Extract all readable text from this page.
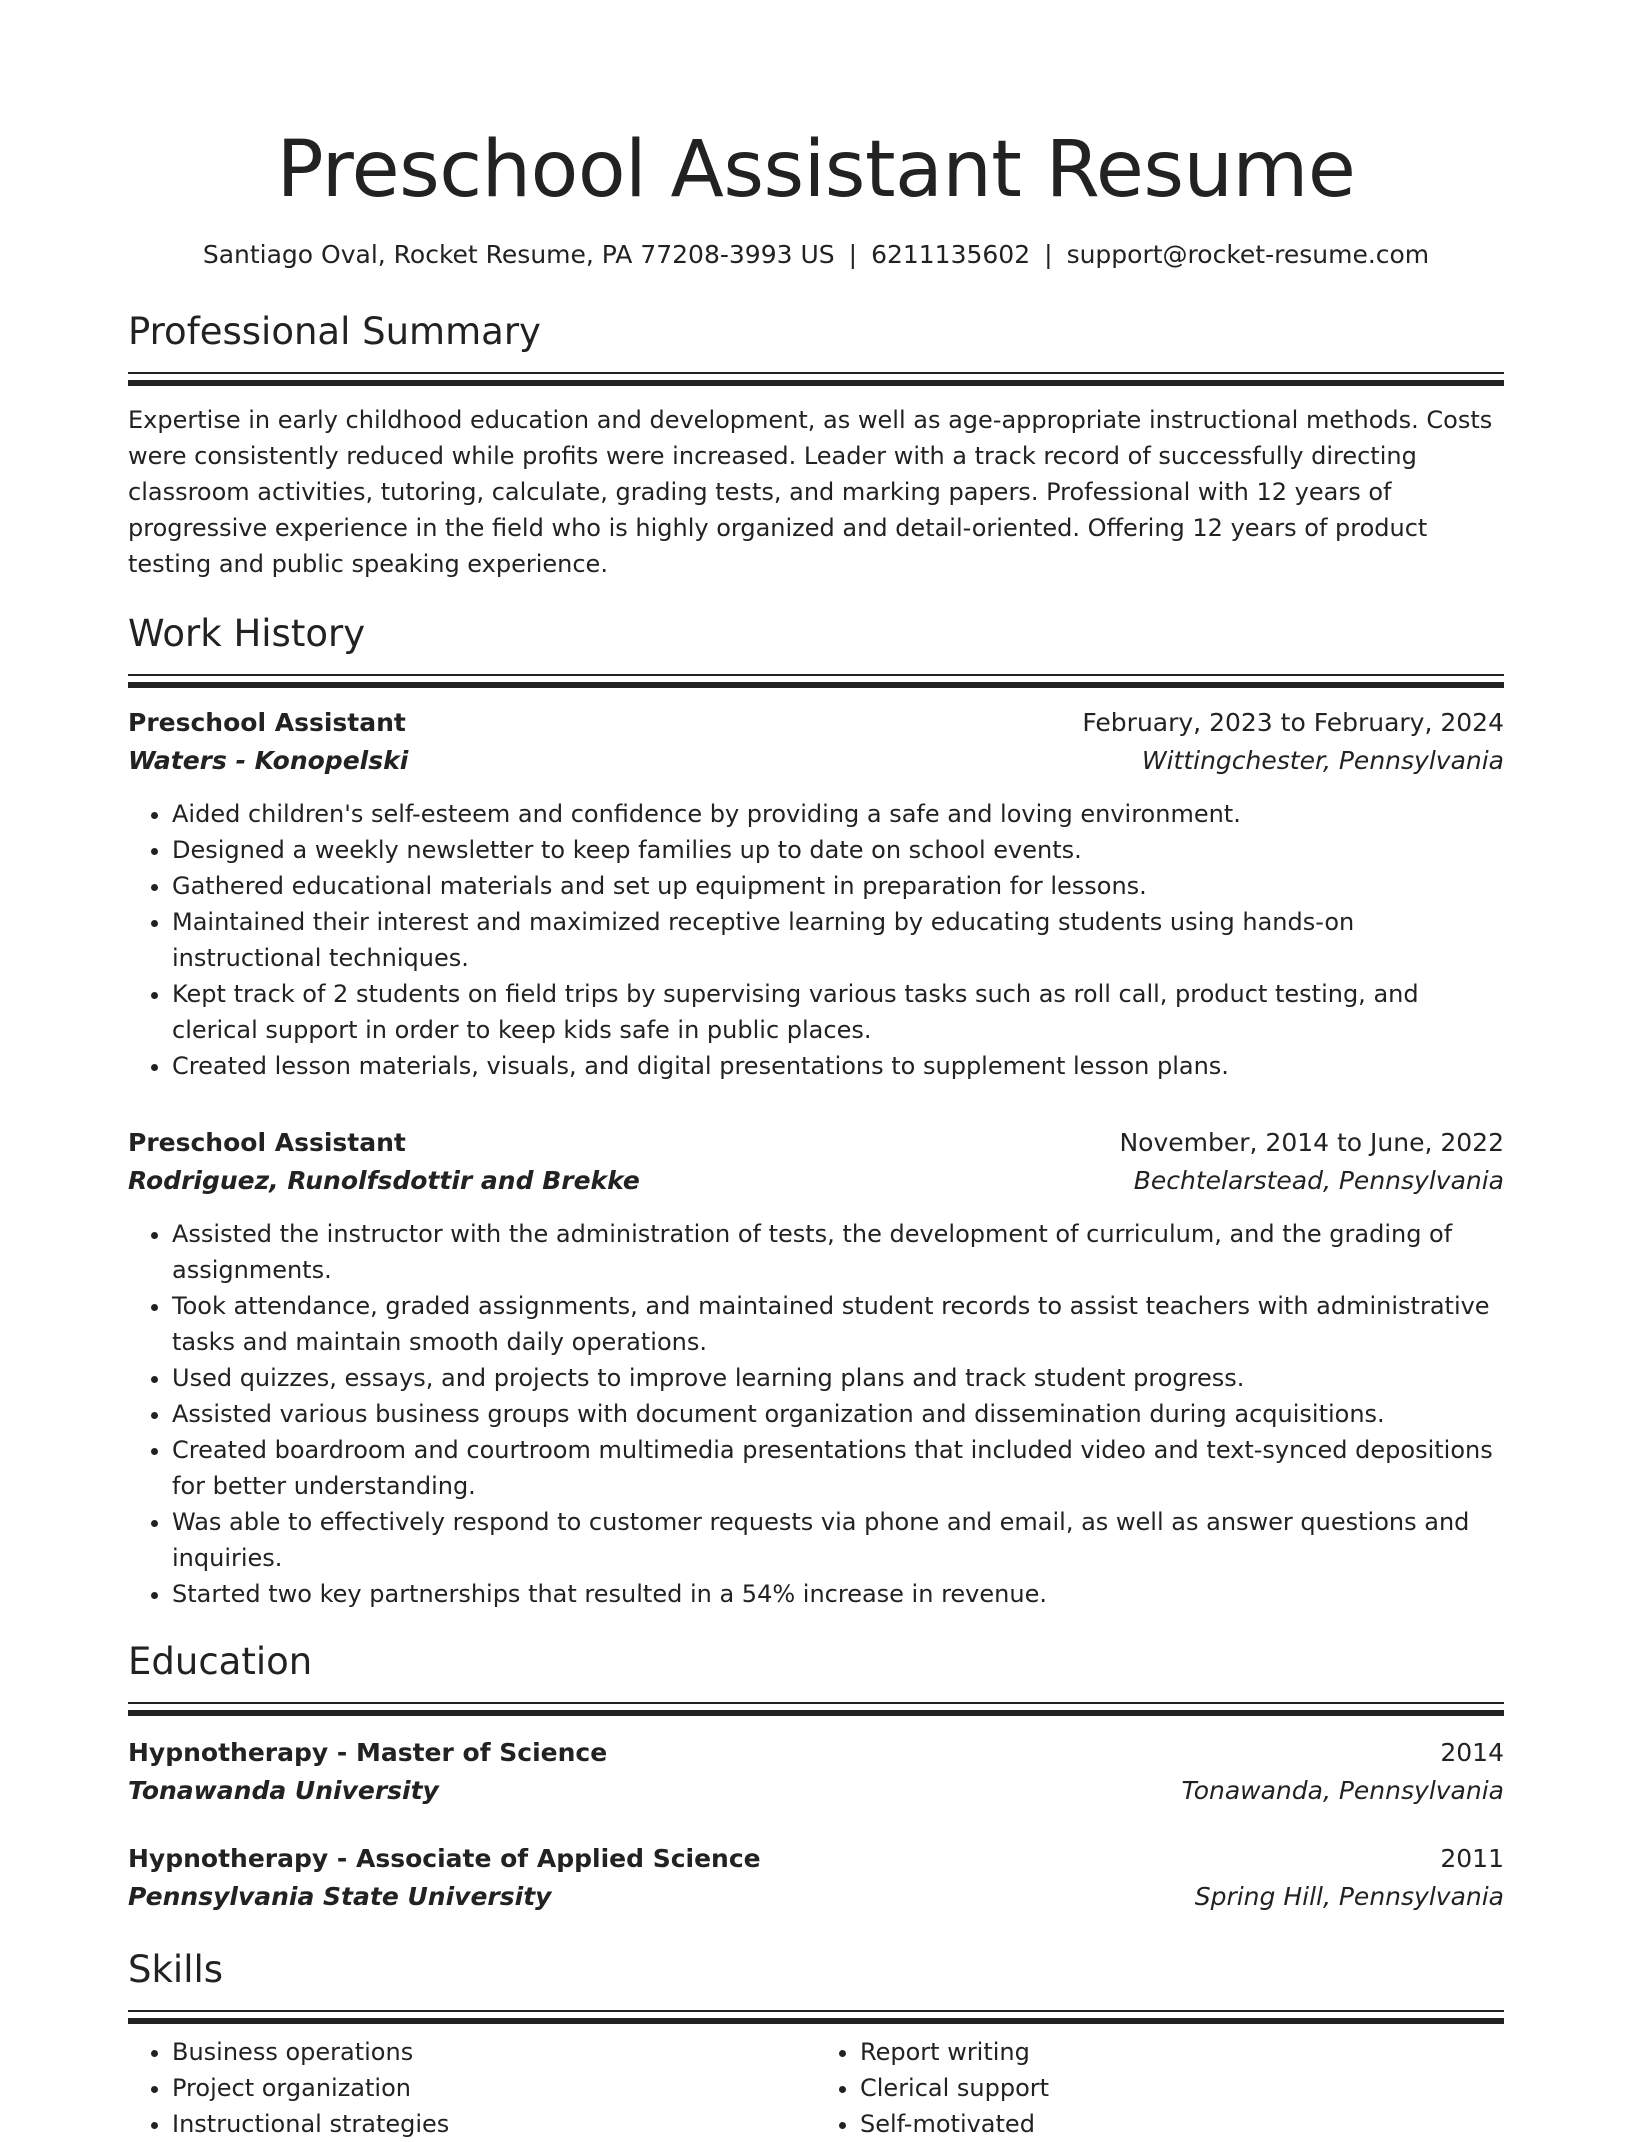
Preschool Assistant Resume
Santiago Oval, Rocket Resume, PA 77208-3993 US | 6211135602 | support@rocket-resume.com
Professional Summary

Expertise in early childhood education and development, as well as age-appropriate instructional methods. Costs were consistently reduced while profits were increased. Leader with a track record of successfully directing classroom activities, tutoring, calculate, grading tests, and marking papers. Professional with 12 years of progressive experience in the field who is highly organized and detail-oriented. Offering 12 years of product testing and public speaking experience.

Work History
Preschool Assistant	February, 2023 to February, 2024
Waters - Konopelski	Wittingchester, Pennsylvania
• Aided children's self-esteem and confidence by providing a safe and loving environment.
• Designed a weekly newsletter to keep families up to date on school events.
• Gathered educational materials and set up equipment in preparation for lessons.
• Maintained their interest and maximized receptive learning by educating students using hands-on instructional techniques.
• Kept track of 2 students on field trips by supervising various tasks such as roll call, product testing, and clerical support in order to keep kids safe in public places.
• Created lesson materials, visuals, and digital presentations to supplement lesson plans.
Preschool Assistant	November, 2014 to June, 2022
Rodriguez, Runolfsdottir and Brekke	Bechtelarstead, Pennsylvania
• Assisted the instructor with the administration of tests, the development of curriculum, and the grading of assignments.
• Took attendance, graded assignments, and maintained student records to assist teachers with administrative tasks and maintain smooth daily operations.
• Used quizzes, essays, and projects to improve learning plans and track student progress.
• Assisted various business groups with document organization and dissemination during acquisitions.
• Created boardroom and courtroom multimedia presentations that included video and text-synced depositions for better understanding.
• Was able to effectively respond to customer requests via phone and email, as well as answer questions and inquiries.
• Started two key partnerships that resulted in a 54% increase in revenue.
Education
Hypnotherapy - Master of Science	2014
Tonawanda University	Tonawanda, Pennsylvania
Hypnotherapy - Associate of Applied Science	2011
Pennsylvania State University	Spring Hill, Pennsylvania
Skills
• Business operations
• Project organization
• Instructional strategies
• Report writing
• Clerical support
• Self-motivated
